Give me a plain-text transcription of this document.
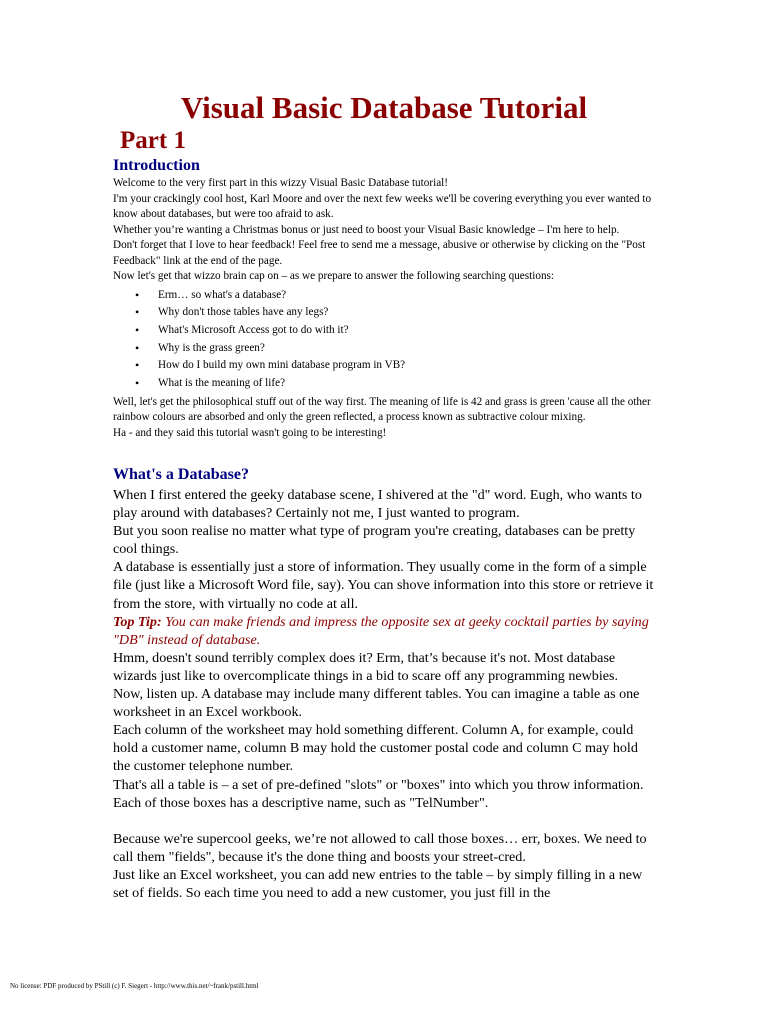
Visual Basic Database Tutorial
Part 1
Introduction

Welcome to the very first part in this wizzy Visual Basic Database tutorial!

I'm your crackingly cool host, Karl Moore and over the next few weeks we'll be covering everything you ever wanted to know about databases, but were too afraid to ask.

Whether you’re wanting a Christmas bonus or just need to boost your Visual Basic knowledge – I'm here to help.

Don't forget that I love to hear feedback! Feel free to send me a message, abusive or otherwise by clicking on the "Post Feedback" link at the end of the page.

Now let's get that wizzo brain cap on – as we prepare to answer the following searching questions:

• Erm… so what's a database?
• Why don't those tables have any legs?
• What's Microsoft Access got to do with it?
• Why is the grass green?
• How do I build my own mini database program in VB?
• What is the meaning of life?

Well, let's get the philosophical stuff out of the way first. The meaning of life is 42 and grass is green 'cause all the other rainbow colours are absorbed and only the green reflected, a process known as subtractive colour mixing.

Ha - and they said this tutorial wasn't going to be interesting!

What's a Database?

When I first entered the geeky database scene, I shivered at the "d" word. Eugh, who wants to play around with databases? Certainly not me, I just wanted to program.

But you soon realise no matter what type of program you're creating, databases can be pretty cool things.

A database is essentially just a store of information. They usually come in the form of a simple file (just like a Microsoft Word file, say). You can shove information into this store or retrieve it from the store, with virtually no code at all.

Top Tip: You can make friends and impress the opposite sex at geeky cocktail parties by saying "DB" instead of database.

Hmm, doesn't sound terribly complex does it? Erm, that’s because it's not. Most database wizards just like to overcomplicate things in a bid to scare off any programming newbies.

Now, listen up. A database may include many different tables. You can imagine a table as one worksheet in an Excel workbook.

Each column of the worksheet may hold something different. Column A, for example, could hold a customer name, column B may hold the customer postal code and column C may hold the customer telephone number.

That's all a table is – a set of pre-defined "slots" or "boxes" into which you throw information. Each of those boxes has a descriptive name, such as "TelNumber".

Because we're supercool geeks, we’re not allowed to call those boxes… err, boxes. We need to call them "fields", because it's the done thing and boosts your street-cred.

Just like an Excel worksheet, you can add new entries to the table – by simply filling in a new set of fields. So each time you need to add a new customer, you just fill in the

No license: PDF produced by PStill (c) F. Siegert - http://www.this.net/~frank/pstill.html
